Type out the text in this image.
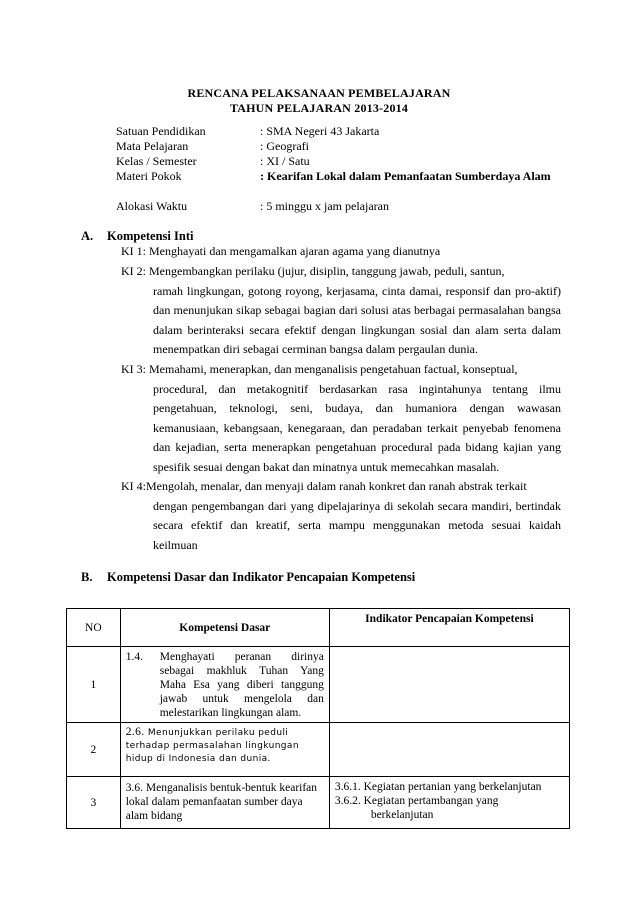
RENCANA PELAKSANAAN PEMBELAJARAN
TAHUN PELAJARAN 2013-2014
Satuan Pendidikan	: SMA Negeri 43 Jakarta
Mata Pelajaran	: Geografi
Kelas / Semester	: XI / Satu
Materi Pokok	: Kearifan Lokal dalam Pemanfaatan Sumberdaya Alam
Alokasi Waktu	: 5 minggu x jam pelajaran
A. Kompetensi Inti
KI 1: Menghayati dan mengamalkan ajaran agama yang dianutnya
KI 2: Mengembangkan perilaku (jujur, disiplin, tanggung jawab, peduli, santun,
ramah lingkungan, gotong royong, kerjasama, cinta damai, responsif dan pro-aktif) dan menunjukan sikap sebagai bagian dari solusi atas berbagai permasalahan bangsa dalam berinteraksi secara efektif dengan lingkungan sosial dan alam serta dalam menempatkan diri sebagai cerminan bangsa dalam pergaulan dunia.
KI 3: Memahami, menerapkan, dan menganalisis pengetahuan factual, konseptual,
procedural, dan metakognitif berdasarkan rasa ingintahunya tentang ilmu pengetahuan, teknologi, seni, budaya, dan humaniora dengan wawasan kemanusiaan, kebangsaan, kenegaraan, dan peradaban terkait penyebab fenomena dan kejadian, serta menerapkan pengetahuan procedural pada bidang kajian yang spesifik sesuai dengan bakat dan minatnya untuk memecahkan masalah.
KI 4:Mengolah, menalar, dan menyaji dalam ranah konkret dan ranah abstrak terkait
dengan pengembangan dari yang dipelajarinya di sekolah secara mandiri, bertindak secara efektif dan kreatif, serta mampu menggunakan metoda sesuai kaidah keilmuan
B. Kompetensi Dasar dan Indikator Pencapaian Kompetensi
NO	Kompetensi Dasar	Indikator Pencapaian Kompetensi
1	1.4. Menghayati peranan dirinya sebagai makhluk Tuhan Yang Maha Esa yang diberi tanggung jawab untuk mengelola dan melestarikan lingkungan alam.	

2	2.6. Menunjukkan perilaku peduli terhadap permasalahan lingkungan hidup di Indonesia dan dunia.	

3	3.6. Menganalisis bentuk-bentuk kearifan lokal dalam pemanfaatan sumber daya alam bidang	3.6.1. Kegiatan pertanian yang berkelanjutan
3.6.2. Kegiatan pertambangan yang
berkelanjutan
